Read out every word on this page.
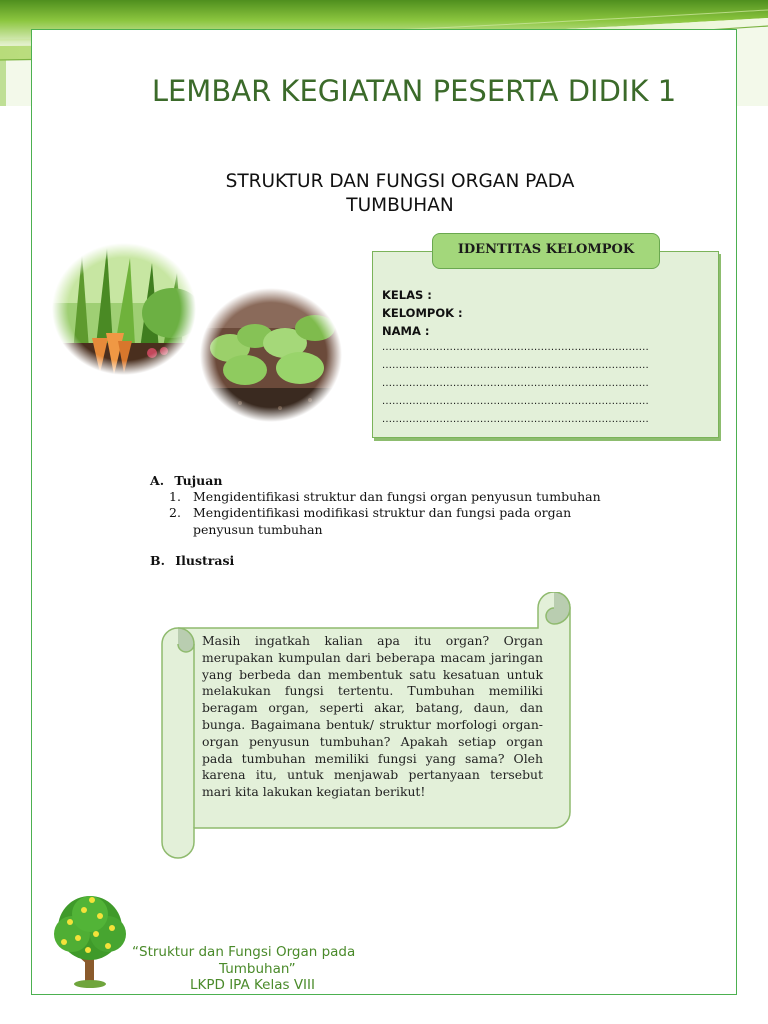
LEMBAR KEGIATAN PESERTA DIDIK 1
STRUKTUR DAN FUNGSI ORGAN PADA TUMBUHAN
IDENTITAS KELOMPOK
KELAS :
KELOMPOK :
NAMA :
...............................................................................
...............................................................................
...............................................................................
...............................................................................
...............................................................................
A. Tujuan
1. Mengidentifikasi struktur dan fungsi organ penyusun tumbuhan
2. Mengidentifikasi modifikasi struktur dan fungsi pada organ
penyusun tumbuhan
B. Ilustrasi
Masih ingatkah kalian apa itu organ? Organ merupakan kumpulan dari beberapa macam jaringan yang berbeda dan membentuk satu kesatuan untuk melakukan fungsi tertentu. Tumbuhan memiliki beragam organ, seperti akar, batang, daun, dan bunga. Bagaimana bentuk/ struktur morfologi organ-organ penyusun tumbuhan? Apakah setiap organ pada tumbuhan memiliki fungsi yang sama? Oleh karena itu, untuk menjawab pertanyaan tersebut mari kita lakukan kegiatan berikut!
“Struktur dan Fungsi Organ pada
Tumbuhan”
LKPD IPA Kelas VIII
